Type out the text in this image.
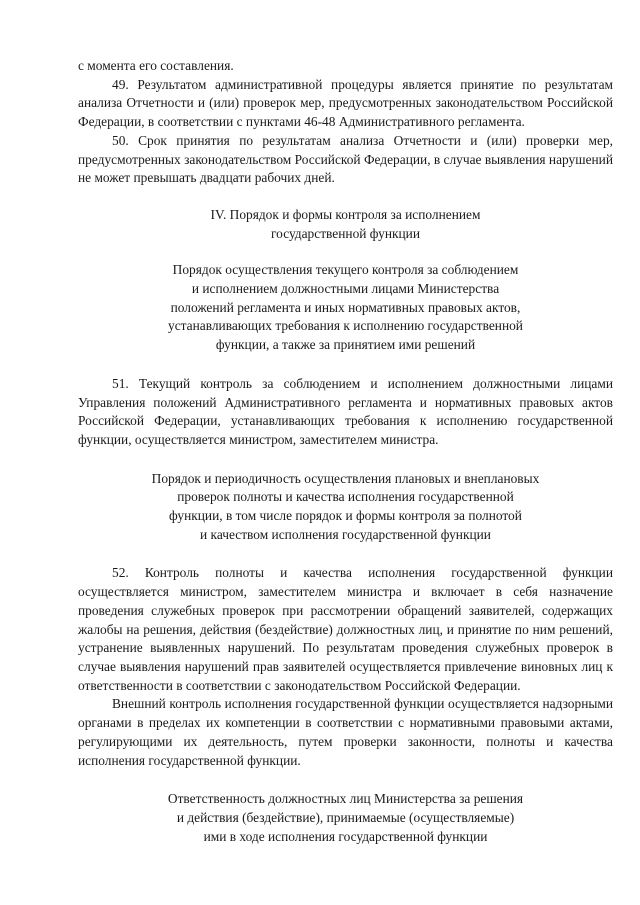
с момента его составления.

49. Результатом административной процедуры является принятие по результатам анализа Отчетности и (или) проверок мер, предусмотренных законодательством Российской Федерации, в соответствии с пунктами 46-48 Административного регламента.

50. Срок принятия по результатам анализа Отчетности и (или) проверки мер, предусмотренных законодательством Российской Федерации, в случае выявления нарушений не может превышать двадцати рабочих дней.

IV. Порядок и формы контроля за исполнением
государственной функции

Порядок осуществления текущего контроля за соблюдением
и исполнением должностными лицами Министерства
положений регламента и иных нормативных правовых актов,
устанавливающих требования к исполнению государственной
функции, а также за принятием ими решений

51. Текущий контроль за соблюдением и исполнением должностными лицами Управления положений Административного регламента и нормативных правовых актов Российской Федерации, устанавливающих требования к исполнению государственной функции, осуществляется министром, заместителем министра.

Порядок и периодичность осуществления плановых и внеплановых
проверок полноты и качества исполнения государственной
функции, в том числе порядок и формы контроля за полнотой
и качеством исполнения государственной функции

52. Контроль полноты и качества исполнения государственной функции осуществляется министром, заместителем министра и включает в себя назначение проведения служебных проверок при рассмотрении обращений заявителей, содержащих жалобы на решения, действия (бездействие) должностных лиц, и принятие по ним решений, устранение выявленных нарушений. По результатам проведения служебных проверок в случае выявления нарушений прав заявителей осуществляется привлечение виновных лиц к ответственности в соответствии с законодательством Российской Федерации.

Внешний контроль исполнения государственной функции осуществляется надзорными органами в пределах их компетенции в соответствии с нормативными правовыми актами, регулирующими их деятельность, путем проверки законности, полноты и качества исполнения государственной функции.

Ответственность должностных лиц Министерства за решения
и действия (бездействие), принимаемые (осуществляемые)
ими в ходе исполнения государственной функции
